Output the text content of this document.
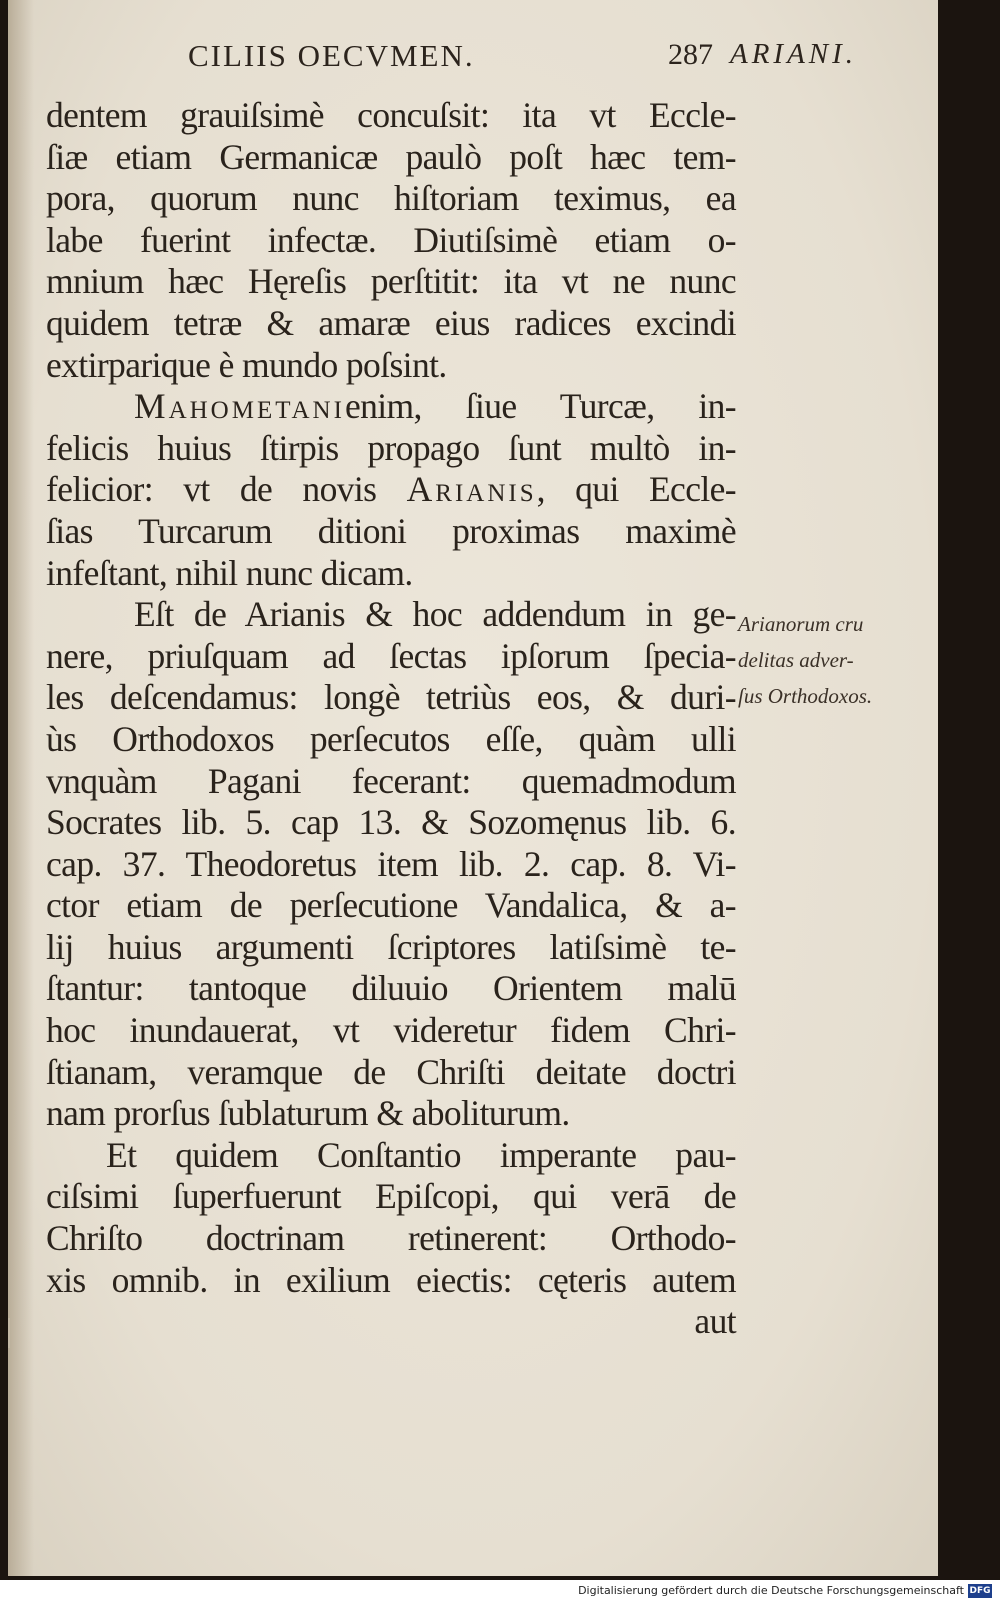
CILIIS OECVMEN.	287 ARIANI.
dentem grauiſsimè concuſsit: ita vt Eccle-
ſiæ etiam Germanicæ paulò poſt hæc tem-
pora, quorum nunc hiſtoriam teximus, ea
labe fuerint infectæ. Diutiſsimè etiam o-
mnium hæc Hęreſis perſtitit: ita vt ne nunc
quidem tetræ & amaræ eius radices excindi
extirparique è mundo poſsint.
Mahometanienim, ſiue Turcæ, in-
felicis huius ſtirpis propago ſunt multò in-
felicior: vt de novis Arianis, qui Eccle-
ſias Turcarum ditioni proximas maximè
infeſtant, nihil nunc dicam.
Eſt de Arianis & hoc addendum in ge-
nere, priuſquam ad ſectas ipſorum ſpecia-
les deſcendamus: longè tetriùs eos, & duri-
ùs Orthodoxos perſecutos eſſe, quàm ulli
vnquàm Pagani fecerant: quemadmodum
Socrates lib. 5. cap 13. & Sozomęnus lib. 6.
cap. 37. Theodoretus item lib. 2. cap. 8. Vi-
ctor etiam de perſecutione Vandalica, & a-
lij huius argumenti ſcriptores latiſsimè te-
ſtantur: tantoque diluuio Orientem malū
hoc inundauerat, vt videretur fidem Chri-
ſtianam, veramque de Chriſti deitate doctri
nam prorſus ſublaturum & aboliturum.
Et quidem Conſtantio imperante pau-
ciſsimi ſuperfuerunt Epiſcopi, qui verā de
Chriſto doctrinam retinerent: Orthodo-
xis omnib. in exilium eiectis: cęteris autem
aut
Arianorum cru
delitas adver-
ſus Orthodoxos.
Digitalisierung gefördert durch die Deutsche Forschungsgemeinschaft DFG
